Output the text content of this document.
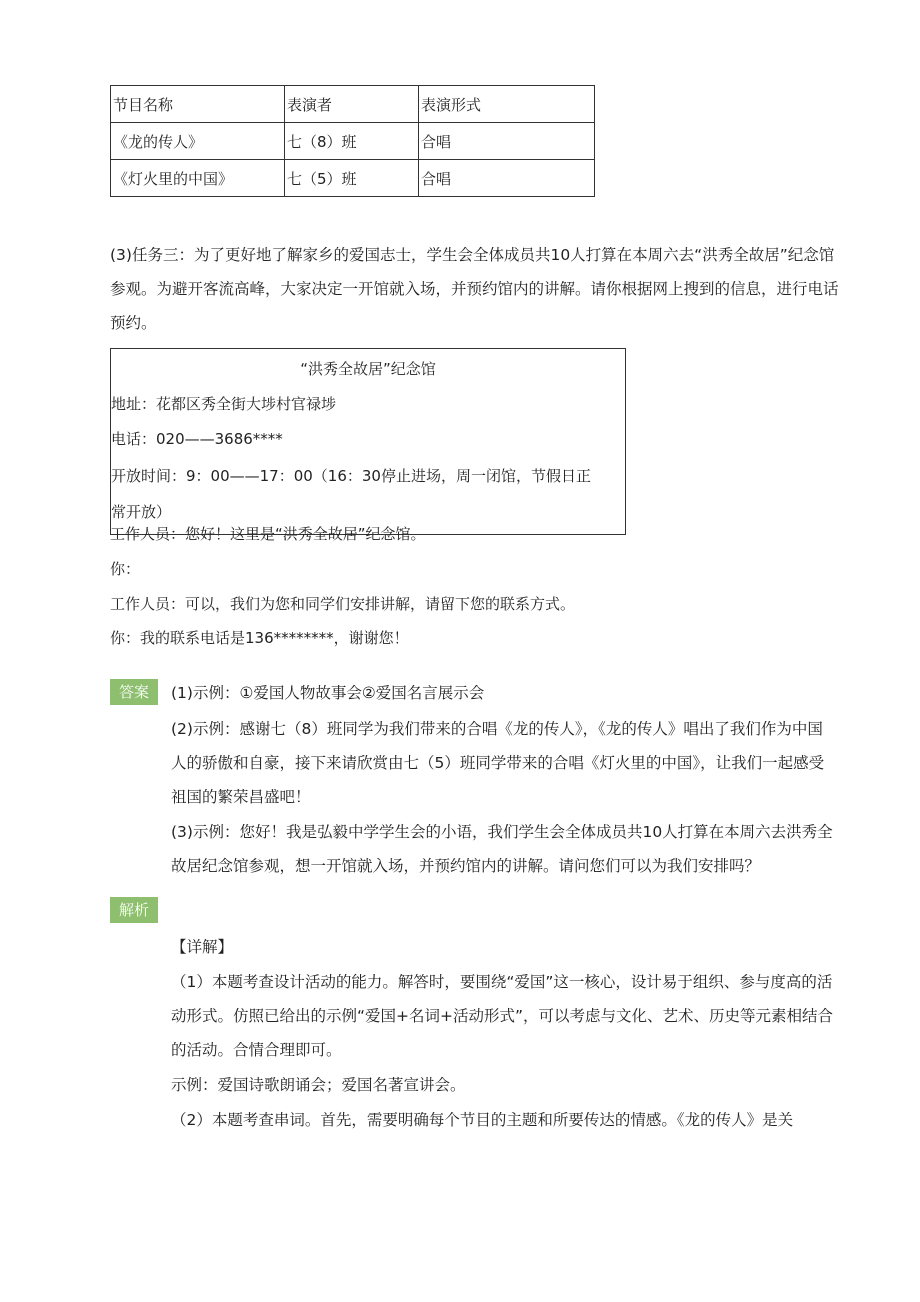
节目名称	表演者	表演形式
《龙的传人》	七（8）班	合唱
《灯火里的中国》	七（5）班	合唱
(3)任务三：为了更好地了解家乡的爱国志士，学生会全体成员共10人打算在本周六去“洪秀全故居”纪念馆参观。为避开客流高峰，大家决定一开馆就入场，并预约馆内的讲解。请你根据网上搜到的信息，进行电话预约。
“洪秀全故居”纪念馆
地址：花都区秀全街大埗村官禄埗
电话：020——3686****
开放时间：9：00——17：00（16：30停止进场，周一闭馆，节假日正
常开放）
工作人员：您好！这里是“洪秀全故居”纪念馆。
你：
工作人员：可以，我们为您和同学们安排讲解，请留下您的联系方式。
你：我的联系电话是136********，谢谢您！
答案	(1)示例：①爱国人物故事会②爱国名言展示会
(2)示例：感谢七（8）班同学为我们带来的合唱《龙的传人》，《龙的传人》唱出了我们作为中国人的骄傲和自豪，接下来请欣赏由七（5）班同学带来的合唱《灯火里的中国》，让我们一起感受祖国的繁荣昌盛吧！
(3)示例：您好！我是弘毅中学学生会的小语，我们学生会全体成员共10人打算在本周六去洪秀全故居纪念馆参观，想一开馆就入场，并预约馆内的讲解。请问您们可以为我们安排吗？
解析
【详解】
（1）本题考查设计活动的能力。解答时，要围绕“爱国”这一核心，设计易于组织、参与度高的活动形式。仿照已给出的示例“爱国+名词+活动形式”，可以考虑与文化、艺术、历史等元素相结合的活动。合情合理即可。
示例：爱国诗歌朗诵会；爱国名著宣讲会。
（2）本题考查串词。首先，需要明确每个节目的主题和所要传达的情感。《龙的传人》是关
